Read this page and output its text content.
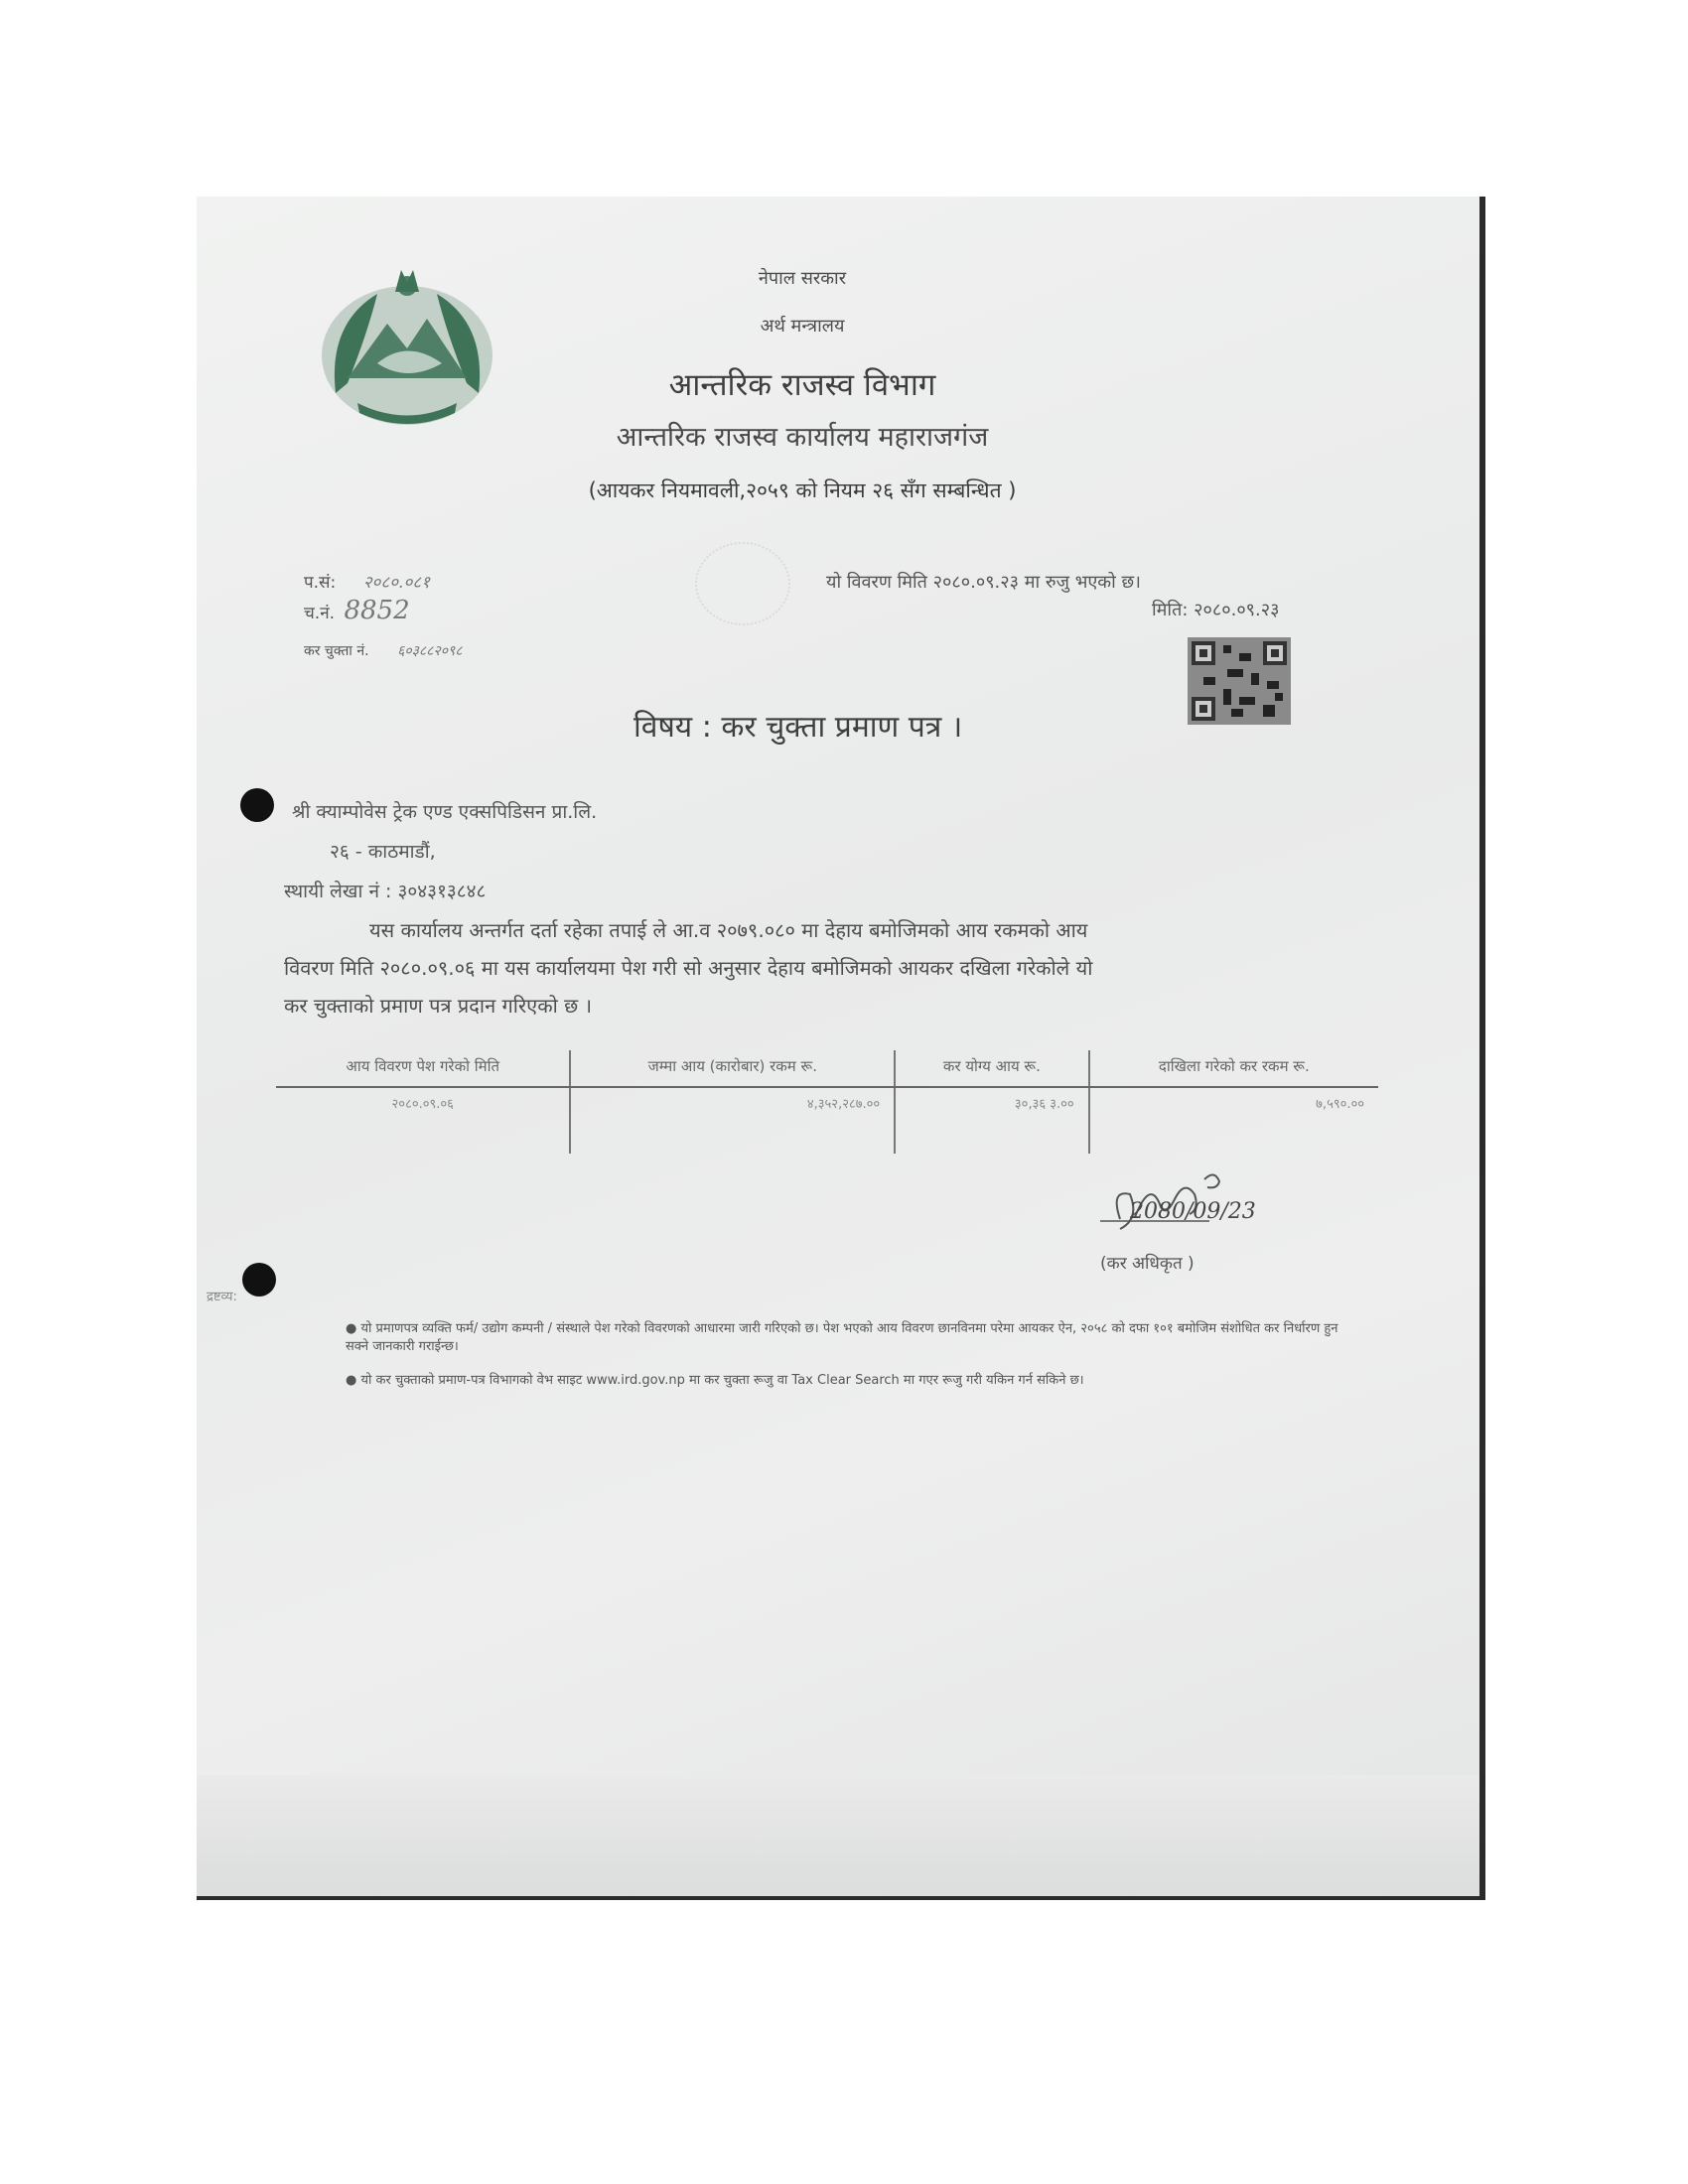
नेपाल सरकार
अर्थ मन्त्रालय
आन्तरिक राजस्व विभाग
आन्तरिक राजस्व कार्यालय महाराजगंज
(आयकर नियमावली,२०५९ को नियम २६ सँग सम्बन्धित )
प.सं: २०८०.०८१
च.नं. 8852
कर चुक्ता नं. ६०३८८२०९८
यो विवरण मिति २०८०.०९.२३ मा रुजु भएको छ।
मिति: २०८०.०९.२३
विषय : कर चुक्ता प्रमाण पत्र ।
श्री क्याम्पोवेस ट्रेक एण्ड एक्सपिडिसन प्रा.लि.
२६ - काठमाडौं,
स्थायी लेखा नं : ३०४३१३८४८
यस कार्यालय अन्तर्गत दर्ता रहेका तपाई ले आ.व २०७९.०८० मा देहाय बमोजिमको आय रकमको आय
विवरण मिति २०८०.०९.०६ मा यस कार्यालयमा पेश गरी सो अनुसार देहाय बमोजिमको आयकर दखिला गरेकोले यो
कर चुक्ताको प्रमाण पत्र प्रदान गरिएको छ ।
आय विवरण पेश गरेको मिति	जम्मा आय (कारोबार) रकम रू.	कर योग्य आय रू.	दाखिला गरेको कर रकम रू.
२०८०.०९.०६	४,३५२,२८७.००	३०,३६ ३.००	७,५९०.००
2080/09/23
(कर अधिकृत )
द्रष्टव्य:
● यो प्रमाणपत्र व्यक्ति फर्म/ उद्योग कम्पनी / संस्थाले पेश गरेको विवरणको आधारमा जारी गरिएको छ। पेश भएको आय विवरण छानविनमा परेमा आयकर ऐन, २०५८ को दफा १०१ बमोजिम संशोधित कर निर्धारण हुन सक्ने जानकारी गराईन्छ।
● यो कर चुक्ताको प्रमाण-पत्र विभागको वेभ साइट www.ird.gov.np मा कर चुक्ता रूजु वा Tax Clear Search मा गएर रूजु गरी यकिन गर्न सकिने छ।
